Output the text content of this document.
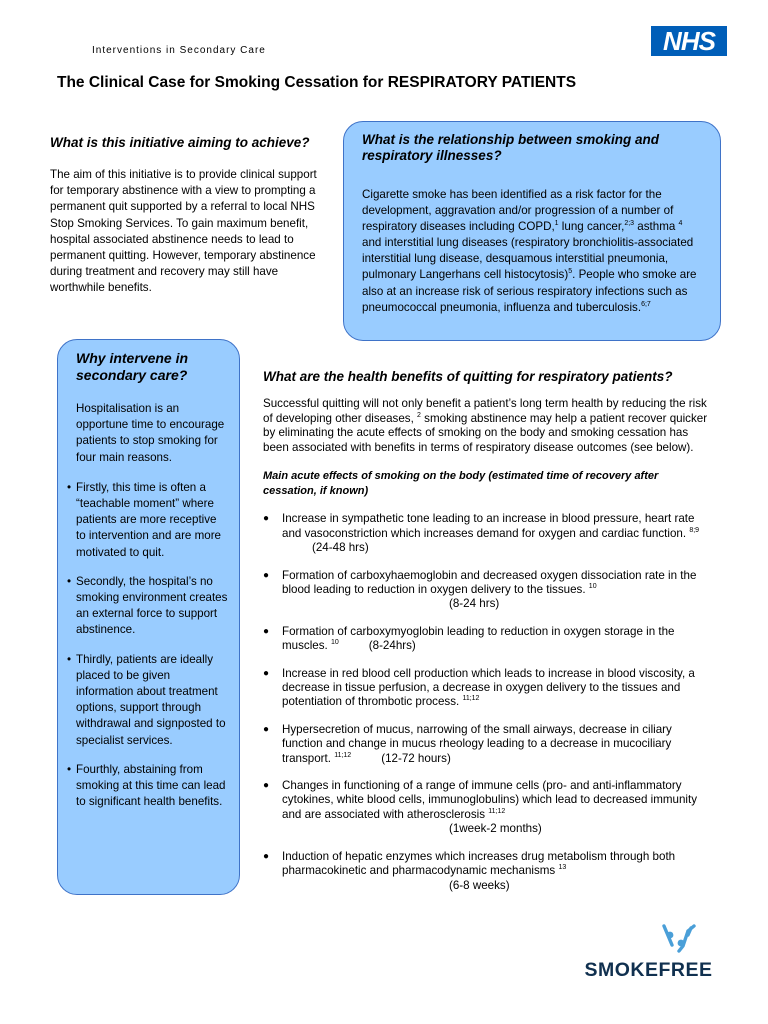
Interventions in Secondary Care	NHS
The Clinical Case for Smoking Cessation for RESPIRATORY PATIENTS

What is this initiative aiming to achieve?

The aim of this initiative is to provide clinical support for temporary abstinence with a view to prompting a permanent quit supported by a referral to local NHS Stop Smoking Services. To gain maximum benefit, hospital associated abstinence needs to lead to permanent quitting. However, temporary abstinence during treatment and recovery may still have worthwhile benefits.

What is the relationship between smoking and respiratory illnesses?

Cigarette smoke has been identified as a risk factor for the development, aggravation and/or progression of a number of respiratory diseases including COPD,$^1$ lung cancer,$^{2;3}$ asthma $^4$ and interstitial lung diseases (respiratory bronchiolitis-associated interstitial lung disease, desquamous interstitial pneumonia, pulmonary Langerhans cell histocytosis)$^5$. People who smoke are also at an increase risk of serious respiratory infections such as pneumococcal pneumonia, influenza and tuberculosis.$^{6;7}$

Why intervene in secondary care?

Hospitalisation is an opportune time to encourage patients to stop smoking for four main reasons.

• Firstly, this time is often a “teachable moment” where patients are more receptive to intervention and are more motivated to quit.
• Secondly, the hospital’s no smoking environment creates an external force to support abstinence.
• Thirdly, patients are ideally placed to be given information about treatment options, support through withdrawal and signposted to specialist services.
• Fourthly, abstaining from smoking at this time can lead to significant health benefits.

What are the health benefits of quitting for respiratory patients?

Successful quitting will not only benefit a patient’s long term health by reducing the risk of developing other diseases, $^2$ smoking abstinence may help a patient recover quicker by eliminating the acute effects of smoking on the body and smoking cessation has been associated with benefits in terms of respiratory disease outcomes (see below).

Main acute effects of smoking on the body (estimated time of recovery after cessation, if known)

● Increase in sympathetic tone leading to an increase in blood pressure, heart rate and vasoconstriction which increases demand for oxygen and cardiac function. $^{8;9}$(24-48 hrs)
● Formation of carboxyhaemoglobin and decreased oxygen dissociation rate in the blood leading to reduction in oxygen delivery to the tissues. $^{10}$
(8-24 hrs)
● Formation of carboxymyoglobin leading to reduction in oxygen storage in the muscles. $^{10}$	(8-24hrs)
● Increase in red blood cell production which leads to increase in blood viscosity, a decrease in tissue perfusion, a decrease in oxygen delivery to the tissues and potentiation of thrombotic process. $^{11;12}$
● Hypersecretion of mucus, narrowing of the small airways, decrease in ciliary function and change in mucus rheology leading to a decrease in mucociliary transport. $^{11;12}$	(12-72 hours)
● Changes in functioning of a range of immune cells (pro- and anti-inflammatory cytokines, white blood cells, immunoglobulins) which lead to decreased immunity and are associated with atherosclerosis $^{11;12}$
(1week-2 months)
● Induction of hepatic enzymes which increases drug metabolism through both pharmacokinetic and pharmacodynamic mechanisms $^{13}$
(6-8 weeks)
SMOKEFREE
